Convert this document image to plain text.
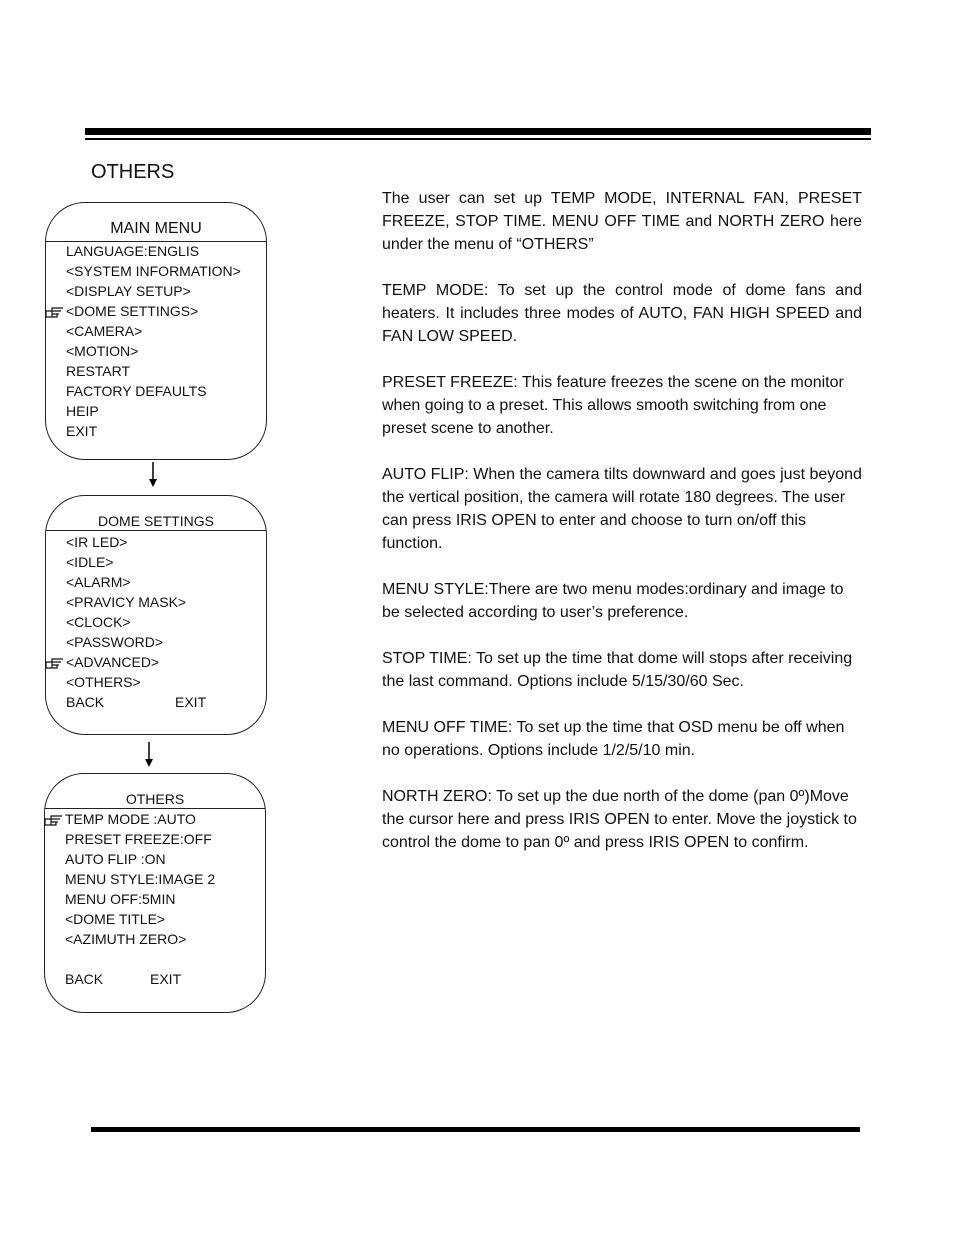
OTHERS
MAIN MENU
LANGUAGE:ENGLIS
<SYSTEM INFORMATION>
<DISPLAY SETUP>
<DOME SETTINGS>
<CAMERA>
<MOTION>
RESTART
FACTORY DEFAULTS
HEIP
EXIT
DOME SETTINGS
<IR LED>
<IDLE>
<ALARM>
<PRAVICY MASK>
<CLOCK>
<PASSWORD>
<ADVANCED>
<OTHERS>
BACK	EXIT
OTHERS
TEMP MODE :AUTO
PRESET FREEZE:OFF
AUTO FLIP :ON
MENU STYLE:IMAGE 2
MENU OFF:5MIN
<DOME TITLE>
<AZIMUTH ZERO>
BACK	EXIT

The user can set up TEMP MODE, INTERNAL FAN, PRESET FREEZE, STOP TIME. MENU OFF TIME and NORTH ZERO here under the menu of “OTHERS”

TEMP MODE: To set up the control mode of dome fans and heaters. It includes three modes of AUTO, FAN HIGH SPEED and FAN LOW SPEED.

PRESET FREEZE: This feature freezes the scene on the monitor when going to a preset. This allows smooth switching from one preset scene to another.

AUTO FLIP: When the camera tilts downward and goes just beyond the vertical position, the camera will rotate 180 degrees. The user can press IRIS OPEN to enter and choose to turn on/off this function.

MENU STYLE:There are two menu modes:ordinary and image to be selected according to user’s preference.

STOP TIME: To set up the time that dome will stops after receiving the last command. Options include 5/15/30/60 Sec.

MENU OFF TIME: To set up the time that OSD menu be off when no operations. Options include 1/2/5/10 min.

NORTH ZERO: To set up the due north of the dome (pan 0º)Move the cursor here and press IRIS OPEN to enter. Move the joystick to control the dome to pan 0º and press IRIS OPEN to confirm.
